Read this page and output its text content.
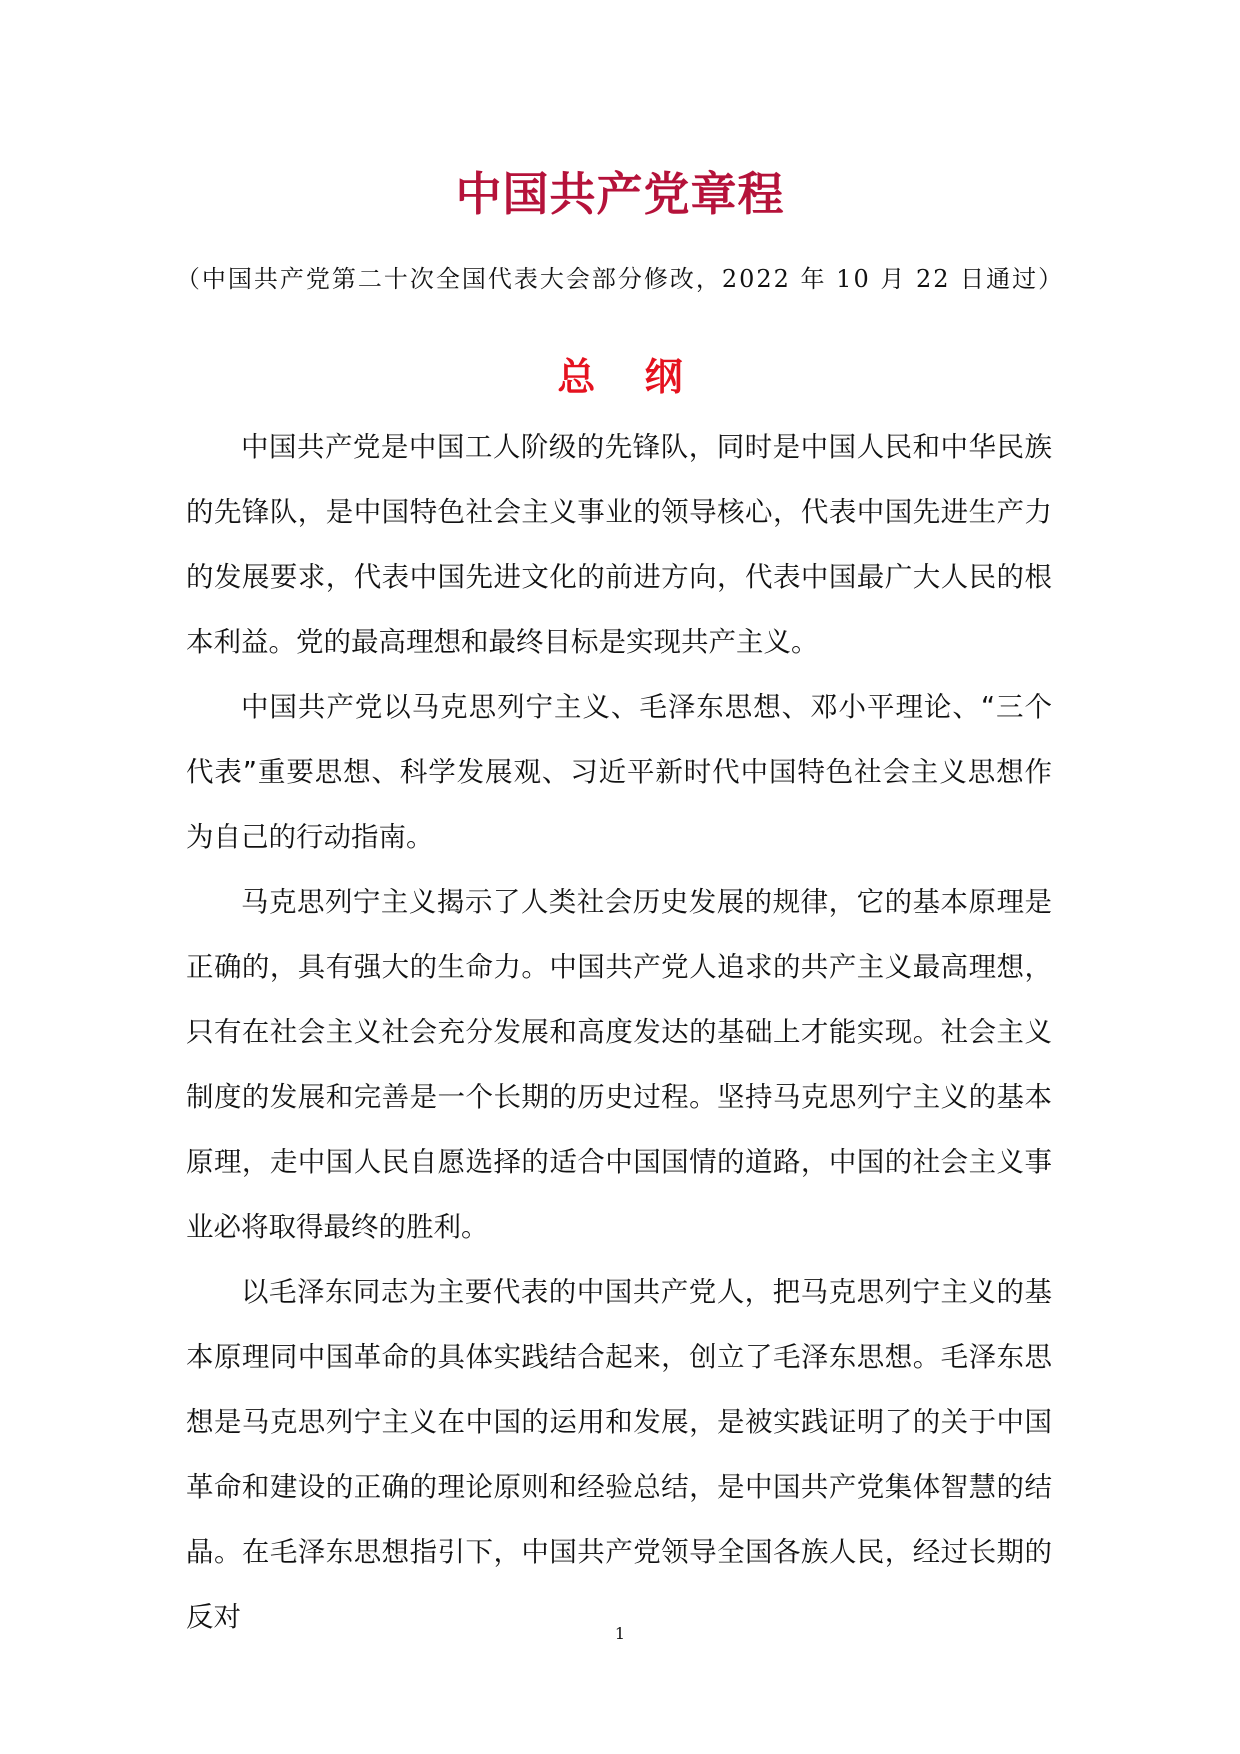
中国共产党章程

（中国共产党第二十次全国代表大会部分修改，2022 年 10 月 22 日通过）

总 纲

中国共产党是中国工人阶级的先锋队，同时是中国人民和中华民族的先锋队，是中国特色社会主义事业的领导核心，代表中国先进生产力的发展要求，代表中国先进文化的前进方向，代表中国最广大人民的根本利益。党的最高理想和最终目标是实现共产主义。

中国共产党以马克思列宁主义、毛泽东思想、邓小平理论、“三个代表”重要思想、科学发展观、习近平新时代中国特色社会主义思想作为自己的行动指南。

马克思列宁主义揭示了人类社会历史发展的规律，它的基本原理是正确的，具有强大的生命力。中国共产党人追求的共产主义最高理想，只有在社会主义社会充分发展和高度发达的基础上才能实现。社会主义制度的发展和完善是一个长期的历史过程。坚持马克思列宁主义的基本原理，走中国人民自愿选择的适合中国国情的道路，中国的社会主义事业必将取得最终的胜利。

以毛泽东同志为主要代表的中国共产党人，把马克思列宁主义的基本原理同中国革命的具体实践结合起来，创立了毛泽东思想。毛泽东思想是马克思列宁主义在中国的运用和发展，是被实践证明了的关于中国革命和建设的正确的理论原则和经验总结，是中国共产党集体智慧的结晶。在毛泽东思想指引下，中国共产党领导全国各族人民，经过长期的反对

1
